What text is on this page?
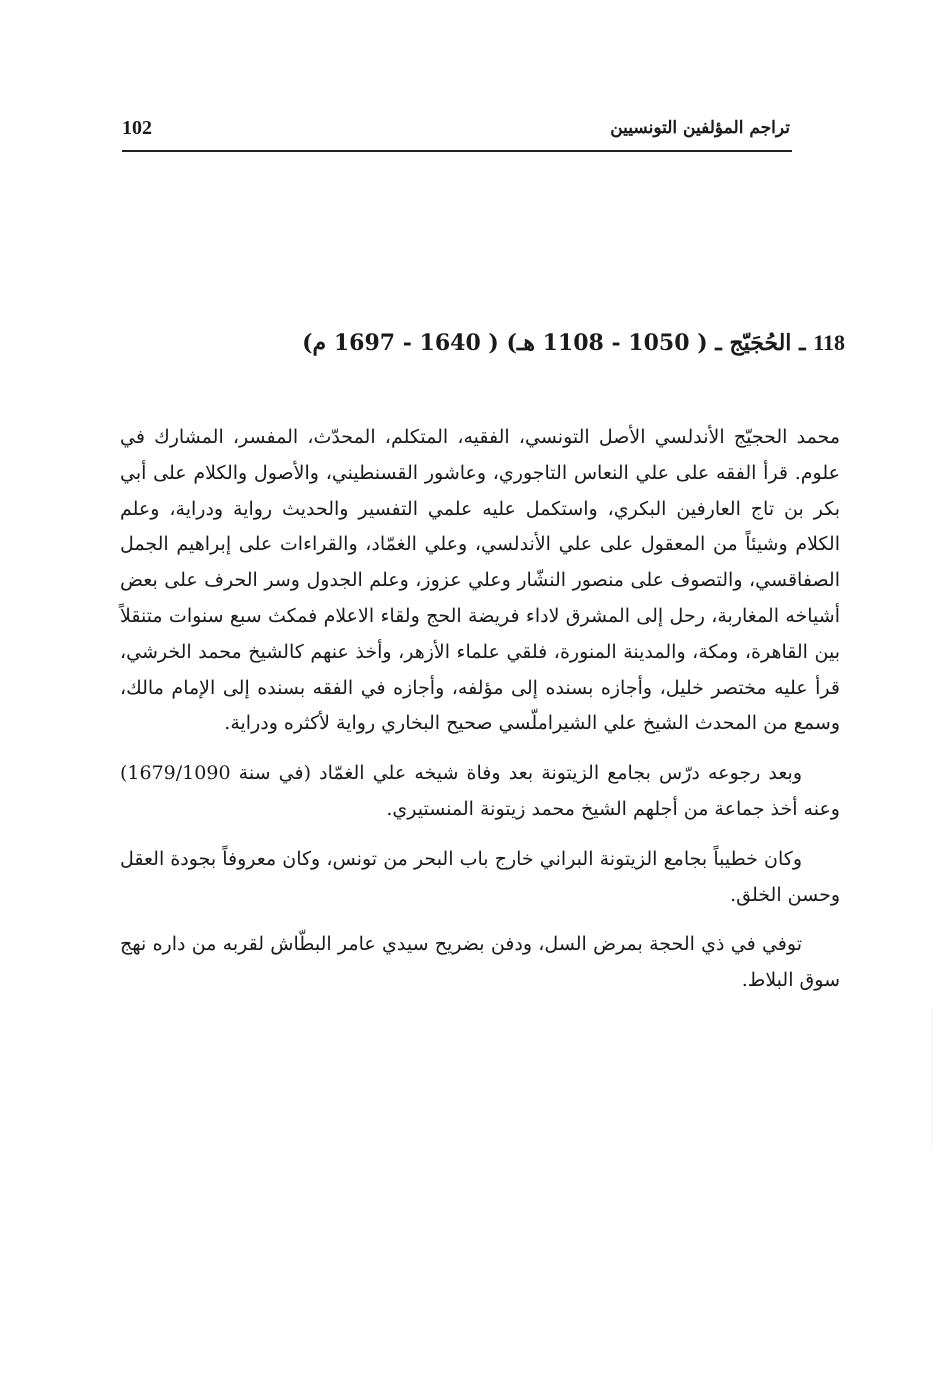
102	تراجم المؤلفين التونسيين
118 ـ الحُجَيّج ـ ( 1050 - 1108 هـ) ( 1640 - 1697 م)

محمد الحجيّج الأندلسي الأصل التونسي، الفقيه، المتكلم، المحدّث، المفسر، المشارك في علوم. قرأ الفقه على علي النعاس التاجوري، وعاشور القسنطيني، والأصول والكلام على أبي بكر بن تاج العارفين البكري، واستكمل عليه علمي التفسير والحديث رواية ودراية، وعلم الكلام وشيئاً من المعقول على علي الأندلسي، وعلي الغمّاد، والقراءات على إبراهيم الجمل الصفاقسي، والتصوف على منصور النشّار وعلي عزوز، وعلم الجدول وسر الحرف على بعض أشياخه المغاربة، رحل إلى المشرق لاداء فريضة الحج ولقاء الاعلام فمكث سبع سنوات متنقلاً بين القاهرة، ومكة، والمدينة المنورة، فلقي علماء الأزهر، وأخذ عنهم كالشيخ محمد الخرشي، قرأ عليه مختصر خليل، وأجازه بسنده إلى مؤلفه، وأجازه في الفقه بسنده إلى الإمام مالك، وسمع من المحدث الشيخ علي الشيراملّسي صحيح البخاري رواية لأكثره ودراية.

وبعد رجوعه درّس بجامع الزيتونة بعد وفاة شيخه علي الغمّاد (في سنة 1679/1090) وعنه أخذ جماعة من أجلهم الشيخ محمد زيتونة المنستيري.

وكان خطيباً بجامع الزيتونة البراني خارج باب البحر من تونس، وكان معروفاً بجودة العقل وحسن الخلق.

توفي في ذي الحجة بمرض السل، ودفن بضريح سيدي عامر البطّاش لقربه من داره نهج سوق البلاط.
